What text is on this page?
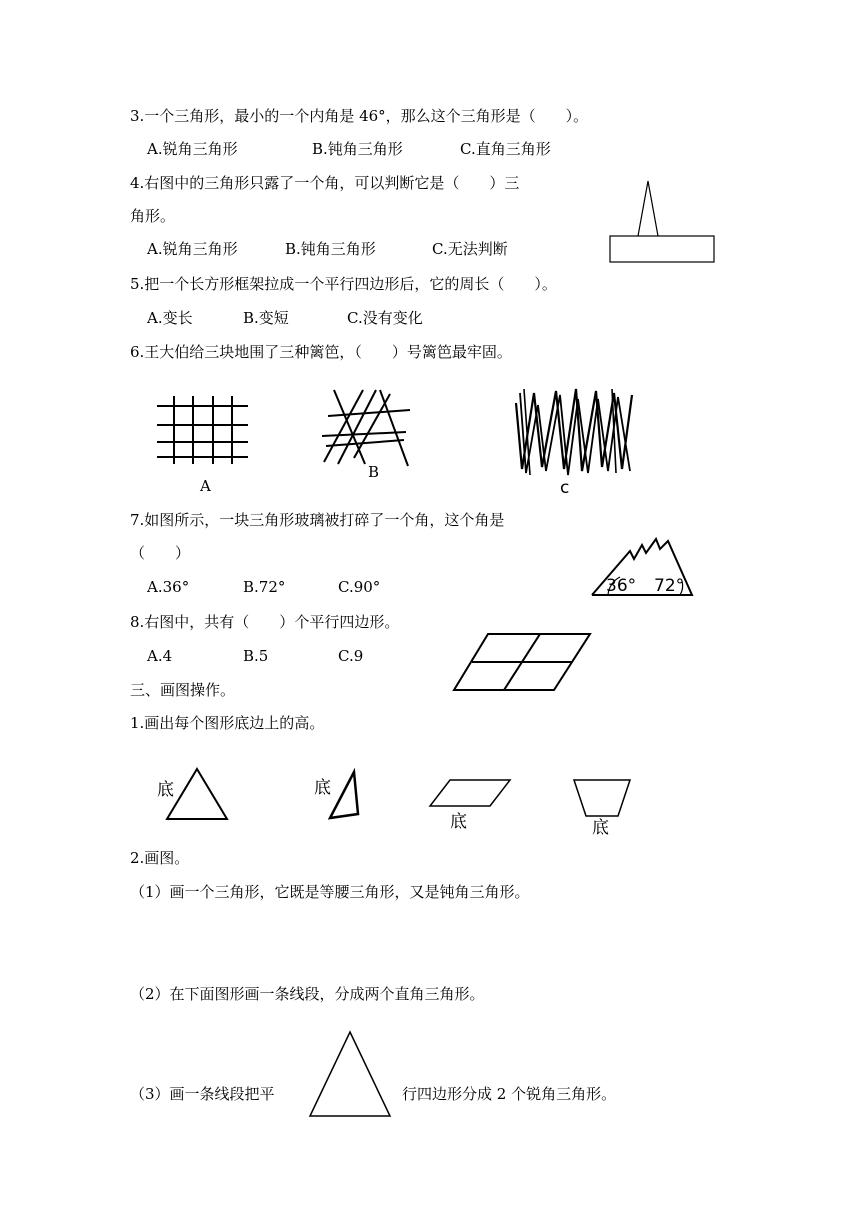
3.一个三角形，最小的一个内角是 46°，那么这个三角形是（　　）。
A.锐角三角形	B.钝角三角形	C.直角三角形
4.右图中的三角形只露了一个角，可以判断它是（　　）三
角形。
A.锐角三角形	B.钝角三角形	C.无法判断
5.把一个长方形框架拉成一个平行四边形后，它的周长（　　）。
A.变长	B.变短	C.没有变化
6.王大伯给三块地围了三种篱笆，（　　）号篱笆最牢固。
A
B
c
7.如图所示，一块三角形玻璃被打碎了一个角，这个角是
（　　）
A.36°	B.72°	C.90°	36° 72°
8.右图中，共有（　　）个平行四边形。
A.4	B.5	C.9
三、画图操作。
1.画出每个图形底边上的高。
底	底
底	底
2.画图。
（1）画一个三角形，它既是等腰三角形，又是钝角三角形。
（2）在下面图形画一条线段，分成两个直角三角形。
（3）画一条线段把平	行四边形分成 2 个锐角三角形。
